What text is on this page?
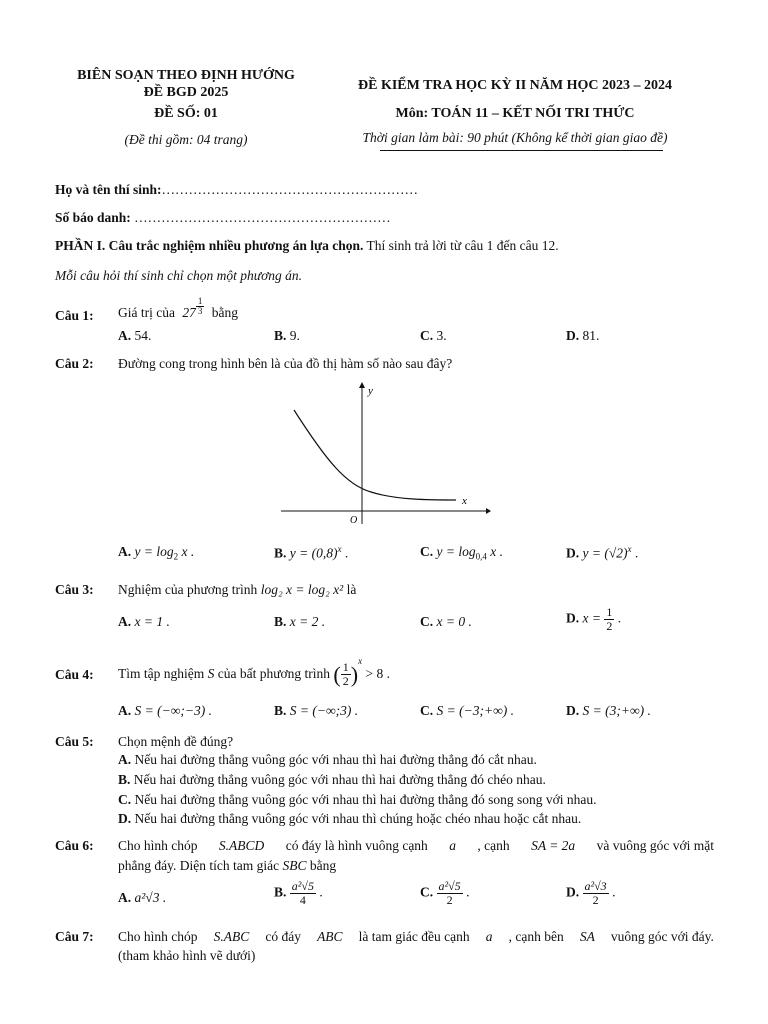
BIÊN SOẠN THEO ĐỊNH HƯỚNG
ĐỀ BGD 2025
ĐỀ SỐ: 01
(Đề thi gồm: 04 trang)
ĐỀ KIỂM TRA HỌC KỲ II NĂM HỌC 2023 – 2024
Môn: TOÁN 11 – KẾT NỐI TRI THỨC
Thời gian làm bài: 90 phút (Không kể thời gian giao đề)
Họ và tên thí sinh:…………………………………………………
Số báo danh: …………………………………………………
PHẦN I. Câu trắc nghiệm nhiều phương án lựa chọn. Thí sinh trả lời từ câu 1 đến câu 12.
Mỗi câu hỏi thí sinh chỉ chọn một phương án.
Câu 1: Giá trị của $27 \frac{1}{3}$ bằng
A. 54.	B. 9.	C. 3.	D. 81.
Câu 2: Đường cong trong hình bên là của đồ thị hàm số nào sau đây?
y
x
O
A. $y = \log_2 x$ .	B. $y = (0,8)^x$ .	C. $y = \log_{0,4} x$ .	D. $y = (√2)^x$ .
Câu 3: Nghiệm của phương trình log₂ x = log₂ x² là
A. x = 1 .	B. x = 2 .	C. x = 0 .	D. $x = \frac{1}{2}$ .
Câu 4: Tìm tập nghiệm S của bất phương trình ( $\frac{1}{2} )^x > 8$ .
A. S = (−∞;−3) .	B. S = (−∞;3) .	C. S = (−3;+∞) .	D. S = (3;+∞) .
Câu 5: Chọn mệnh đề đúng?
A. Nếu hai đường thẳng vuông góc với nhau thì hai đường thẳng đó cắt nhau.
B. Nếu hai đường thẳng vuông góc với nhau thì hai đường thẳng đó chéo nhau.
C. Nếu hai đường thẳng vuông góc với nhau thì hai đường thẳng đó song song với nhau.
D. Nếu hai đường thẳng vuông góc với nhau thì chúng hoặc chéo nhau hoặc cắt nhau.
Câu 6: Cho hình chóp S.ABCD có đáy là hình vuông cạnh a , cạnh SA = 2a và vuông góc với mặt
phẳng đáy. Diện tích tam giác SBC bằng
A. a²√3 .	B. $\frac{\text{a²√5}}{4}$ .	C. $\frac{\text{a²√5}}{2}$ .	D. $\frac{\text{a²√3}}{2}$ .
Câu 7: Cho hình chóp S.ABC có đáy ABC là tam giác đều cạnh a , cạnh bên SA vuông góc với đáy.
(tham khảo hình vẽ dưới)
